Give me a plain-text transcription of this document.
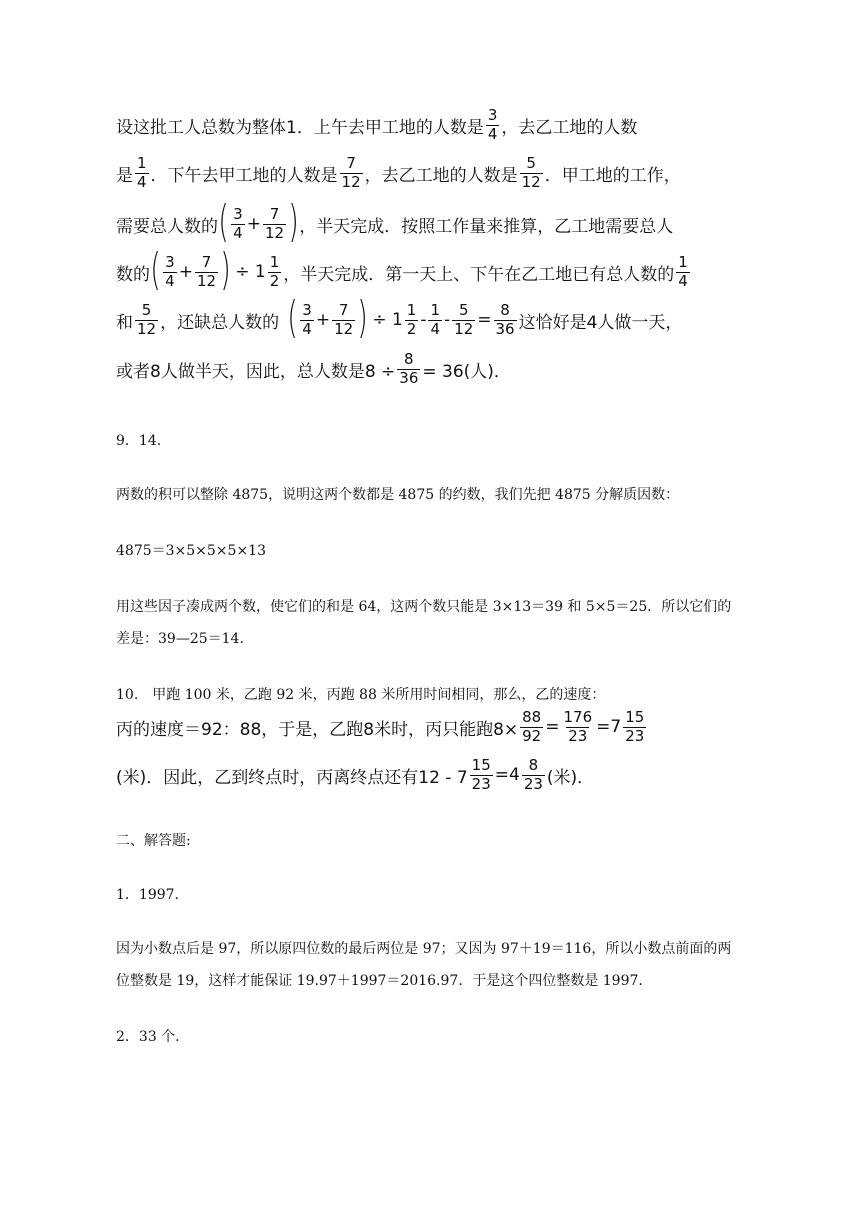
设这批工人总数为整体1．上午去甲工地的人数是 $\frac{3}{4}$ ，去乙工地的人数
是 $\frac{1}{4}$ ．下午去甲工地的人数是 $\frac{7}{12}$ ，去乙工地的人数是 $\frac{5}{12}$ ．甲工地的工作，
需要总人数的 ( $\frac{3}{4} + \frac{7}{12}$ ) ，半天完成．按照工作量来推算，乙工地需要总人
数的 ( $\frac{3}{4} + \frac{7}{12}$ ) ÷ $1 \frac{1}{2}$ ，半天完成．第一天上、下午在乙工地已有总人数的 $\frac{1}{4}$
和 $\frac{5}{12}$ ，还缺总人数的 ( $\frac{3}{4} + \frac{7}{12}$ ) ÷ $1 \frac{1}{2} - \frac{1}{4} - \frac{5}{12} = \frac{8}{36}$ 这恰好是4人做一天，
或者8人做半天，因此，总人数是$8 \div \frac{8}{36} = 36$(人)．
9．14.
两数的积可以整除 4875，说明这两个数都是 4875 的约数，我们先把 4875 分解质因数：
4875＝3×5×5×5×13
用这些因子凑成两个数，使它们的和是 64，这两个数只能是 3×13＝39 和 5×5＝25．所以它们的
差是：39—25＝14.
10.　甲跑 100 米，乙跑 92 米，丙跑 88 米所用时间相同，那么，乙的速度：
丙的速度＝92：88，于是，乙跑8米时，丙只能跑$8\times \frac{88}{92} = \frac{176}{23} = 7 \frac{15}{23}$
(米)．因此，乙到终点时，丙离终点还有$12 - 7 \frac{15}{23} = 4 \frac{8}{23}$ (米)．
二、解答题:
1．1997.
因为小数点后是 97，所以原四位数的最后两位是 97；又因为 97＋19＝116，所以小数点前面的两
位整数是 19，这样才能保证 19.97＋1997＝2016.97．于是这个四位整数是 1997.
2．33 个.
